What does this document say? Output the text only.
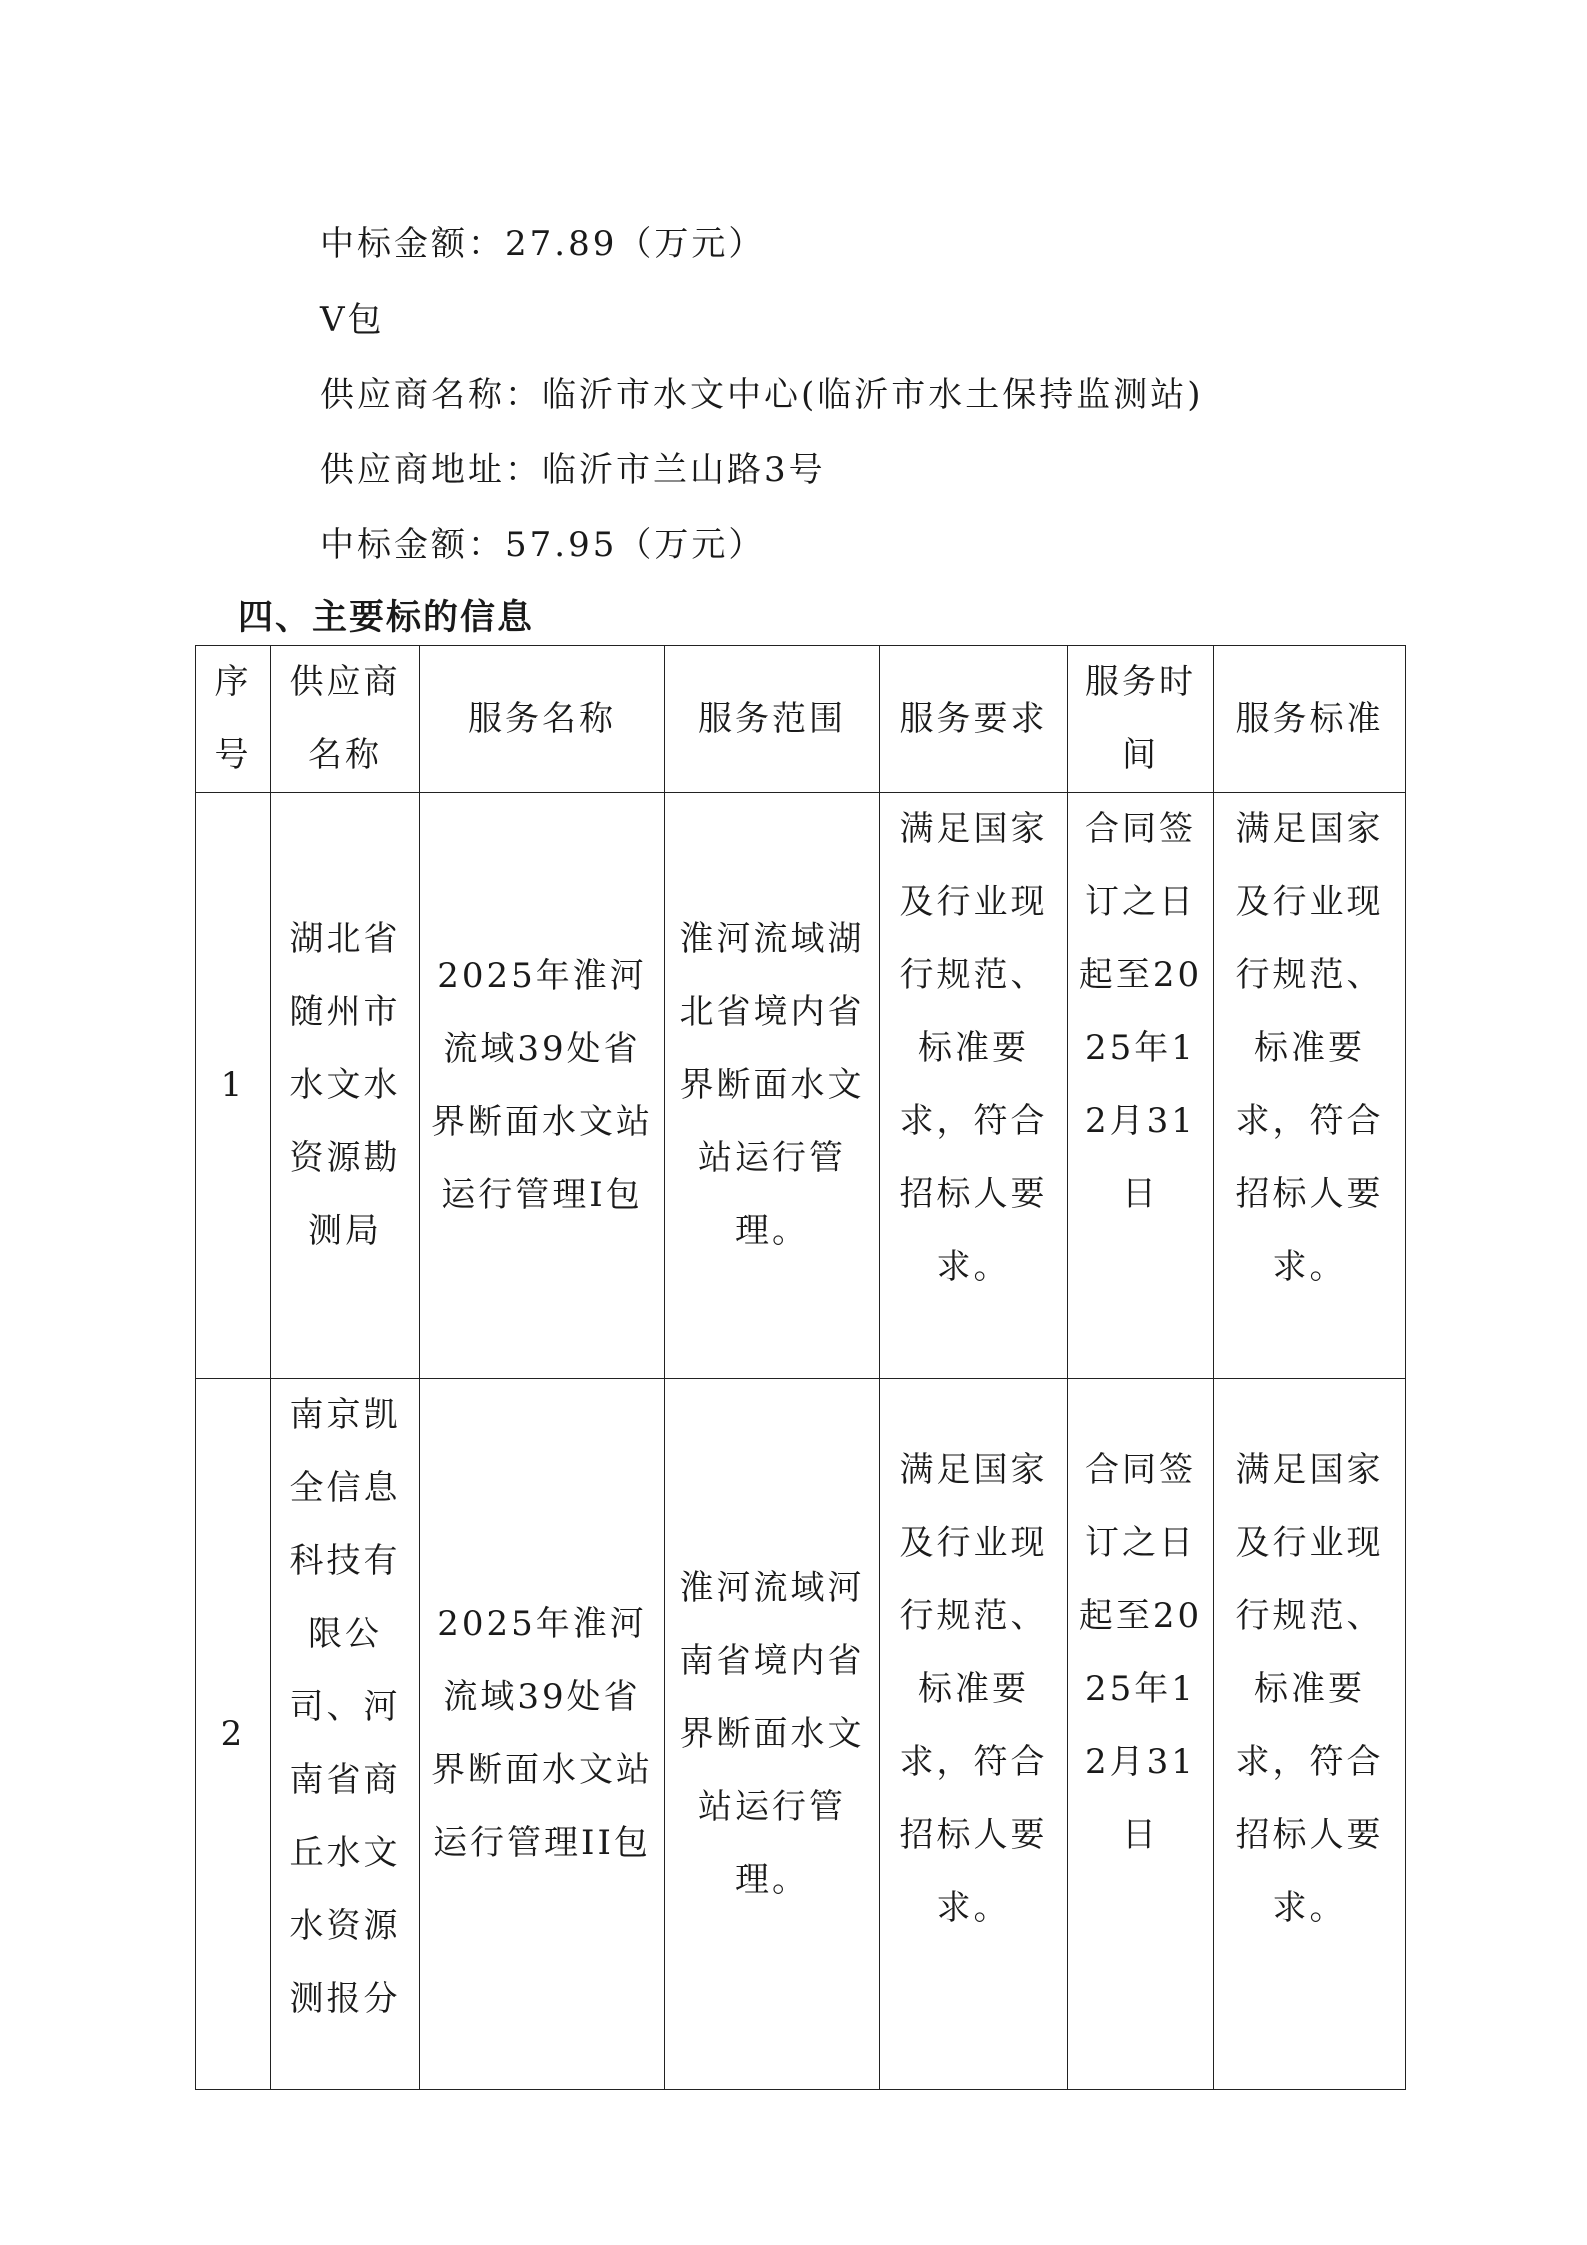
中标金额：27.89（万元）
V包
供应商名称：临沂市水文中心(临沂市水土保持监测站)
供应商地址：临沂市兰山路3号
中标金额：57.95（万元）
四、主要标的信息
序号	供应商名称	服务名称	服务范围	服务要求	服务时间	服务标准
1	湖北省随州市水文水资源勘测局	2025年淮河流域39处省界断面水文站运行管理I包	淮河流域湖北省境内省界断面水文站运行管理。	满足国家及行业现行规范、标准要求，符合招标人要求。	合同签订之日起至2025年12月31日	满足国家及行业现行规范、标准要求，符合招标人要求。
2	南京凯全信息科技有限公司、河南省商丘水文水资源测报分	2025年淮河流域39处省界断面水文站运行管理II包	淮河流域河南省境内省界断面水文站运行管理。	满足国家及行业现行规范、标准要求，符合招标人要求。	合同签订之日起至2025年12月31日	满足国家及行业现行规范、标准要求，符合招标人要求。
